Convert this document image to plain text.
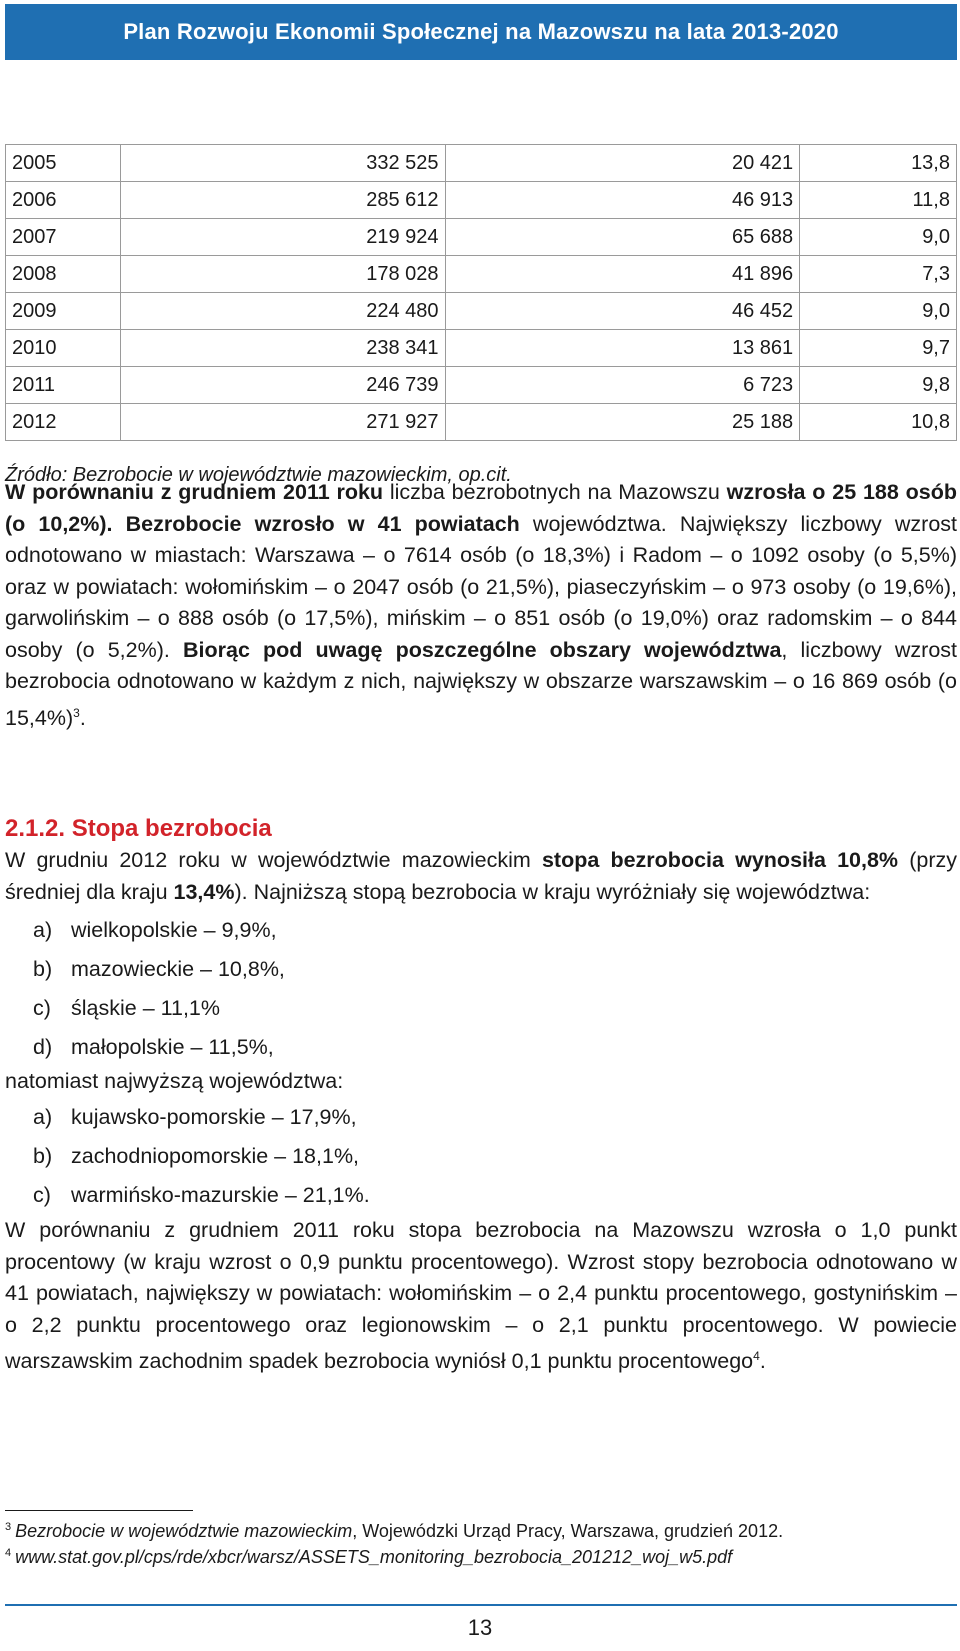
Plan Rozwoju Ekonomii Społecznej na Mazowszu na lata 2013-2020
2005	332 525	20 421	13,8
2006	285 612	46 913	11,8
2007	219 924	65 688	9,0
2008	178 028	41 896	7,3
2009	224 480	46 452	9,0
2010	238 341	13 861	9,7
2011	246 739	6 723	9,8
2012	271 927	25 188	10,8
Źródło: Bezrobocie w województwie mazowieckim, op.cit.
W porównaniu z grudniem 2011 roku liczba bezrobotnych na Mazowszu wzrosła o 25 188 osób (o 10,2%). Bezrobocie wzrosło w 41 powiatach województwa. Największy liczbowy wzrost odnotowano w miastach: Warszawa – o 7614 osób (o 18,3%) i Radom – o 1092 osoby (o 5,5%) oraz w powiatach: wołomińskim – o 2047 osób (o 21,5%), piaseczyńskim – o 973 osoby (o 19,6%), garwolińskim – o 888 osób (o 17,5%), mińskim – o 851 osób (o 19,0%) oraz radomskim – o 844 osoby (o 5,2%). Biorąc pod uwagę poszczególne obszary województwa, liczbowy wzrost bezrobocia odnotowano w każdym z nich, największy w obszarze warszawskim – o 16 869 osób (o 15,4%)$^3$.
2.1.2. Stopa bezrobocia
W grudniu 2012 roku w województwie mazowieckim stopa bezrobocia wynosiła 10,8% (przy średniej dla kraju 13,4%). Najniższą stopą bezrobocia w kraju wyróżniały się województwa:
a) wielkopolskie – 9,9%,
b) mazowieckie – 10,8%,
c) śląskie – 11,1%
d) małopolskie – 11,5%,
natomiast najwyższą województwa:
a) kujawsko-pomorskie – 17,9%,
b) zachodniopomorskie – 18,1%,
c) warmińsko-mazurskie – 21,1%.
W porównaniu z grudniem 2011 roku stopa bezrobocia na Mazowszu wzrosła o 1,0 punkt procentowy (w kraju wzrost o 0,9 punktu procentowego). Wzrost stopy bezrobocia odnotowano w 41 powiatach, największy w powiatach: wołomińskim – o 2,4 punktu procentowego, gostynińskim – o 2,2 punktu procentowego oraz legionowskim – o 2,1 punktu procentowego. W powiecie warszawskim zachodnim spadek bezrobocia wyniósł 0,1 punktu procentowego$^4$.
$^3$ Bezrobocie w województwie mazowieckim, Wojewódzki Urząd Pracy, Warszawa, grudzień 2012.
$^4$ www.stat.gov.pl/cps/rde/xbcr/warsz/ASSETS_monitoring_bezrobocia_201212_woj_w5.pdf
13
